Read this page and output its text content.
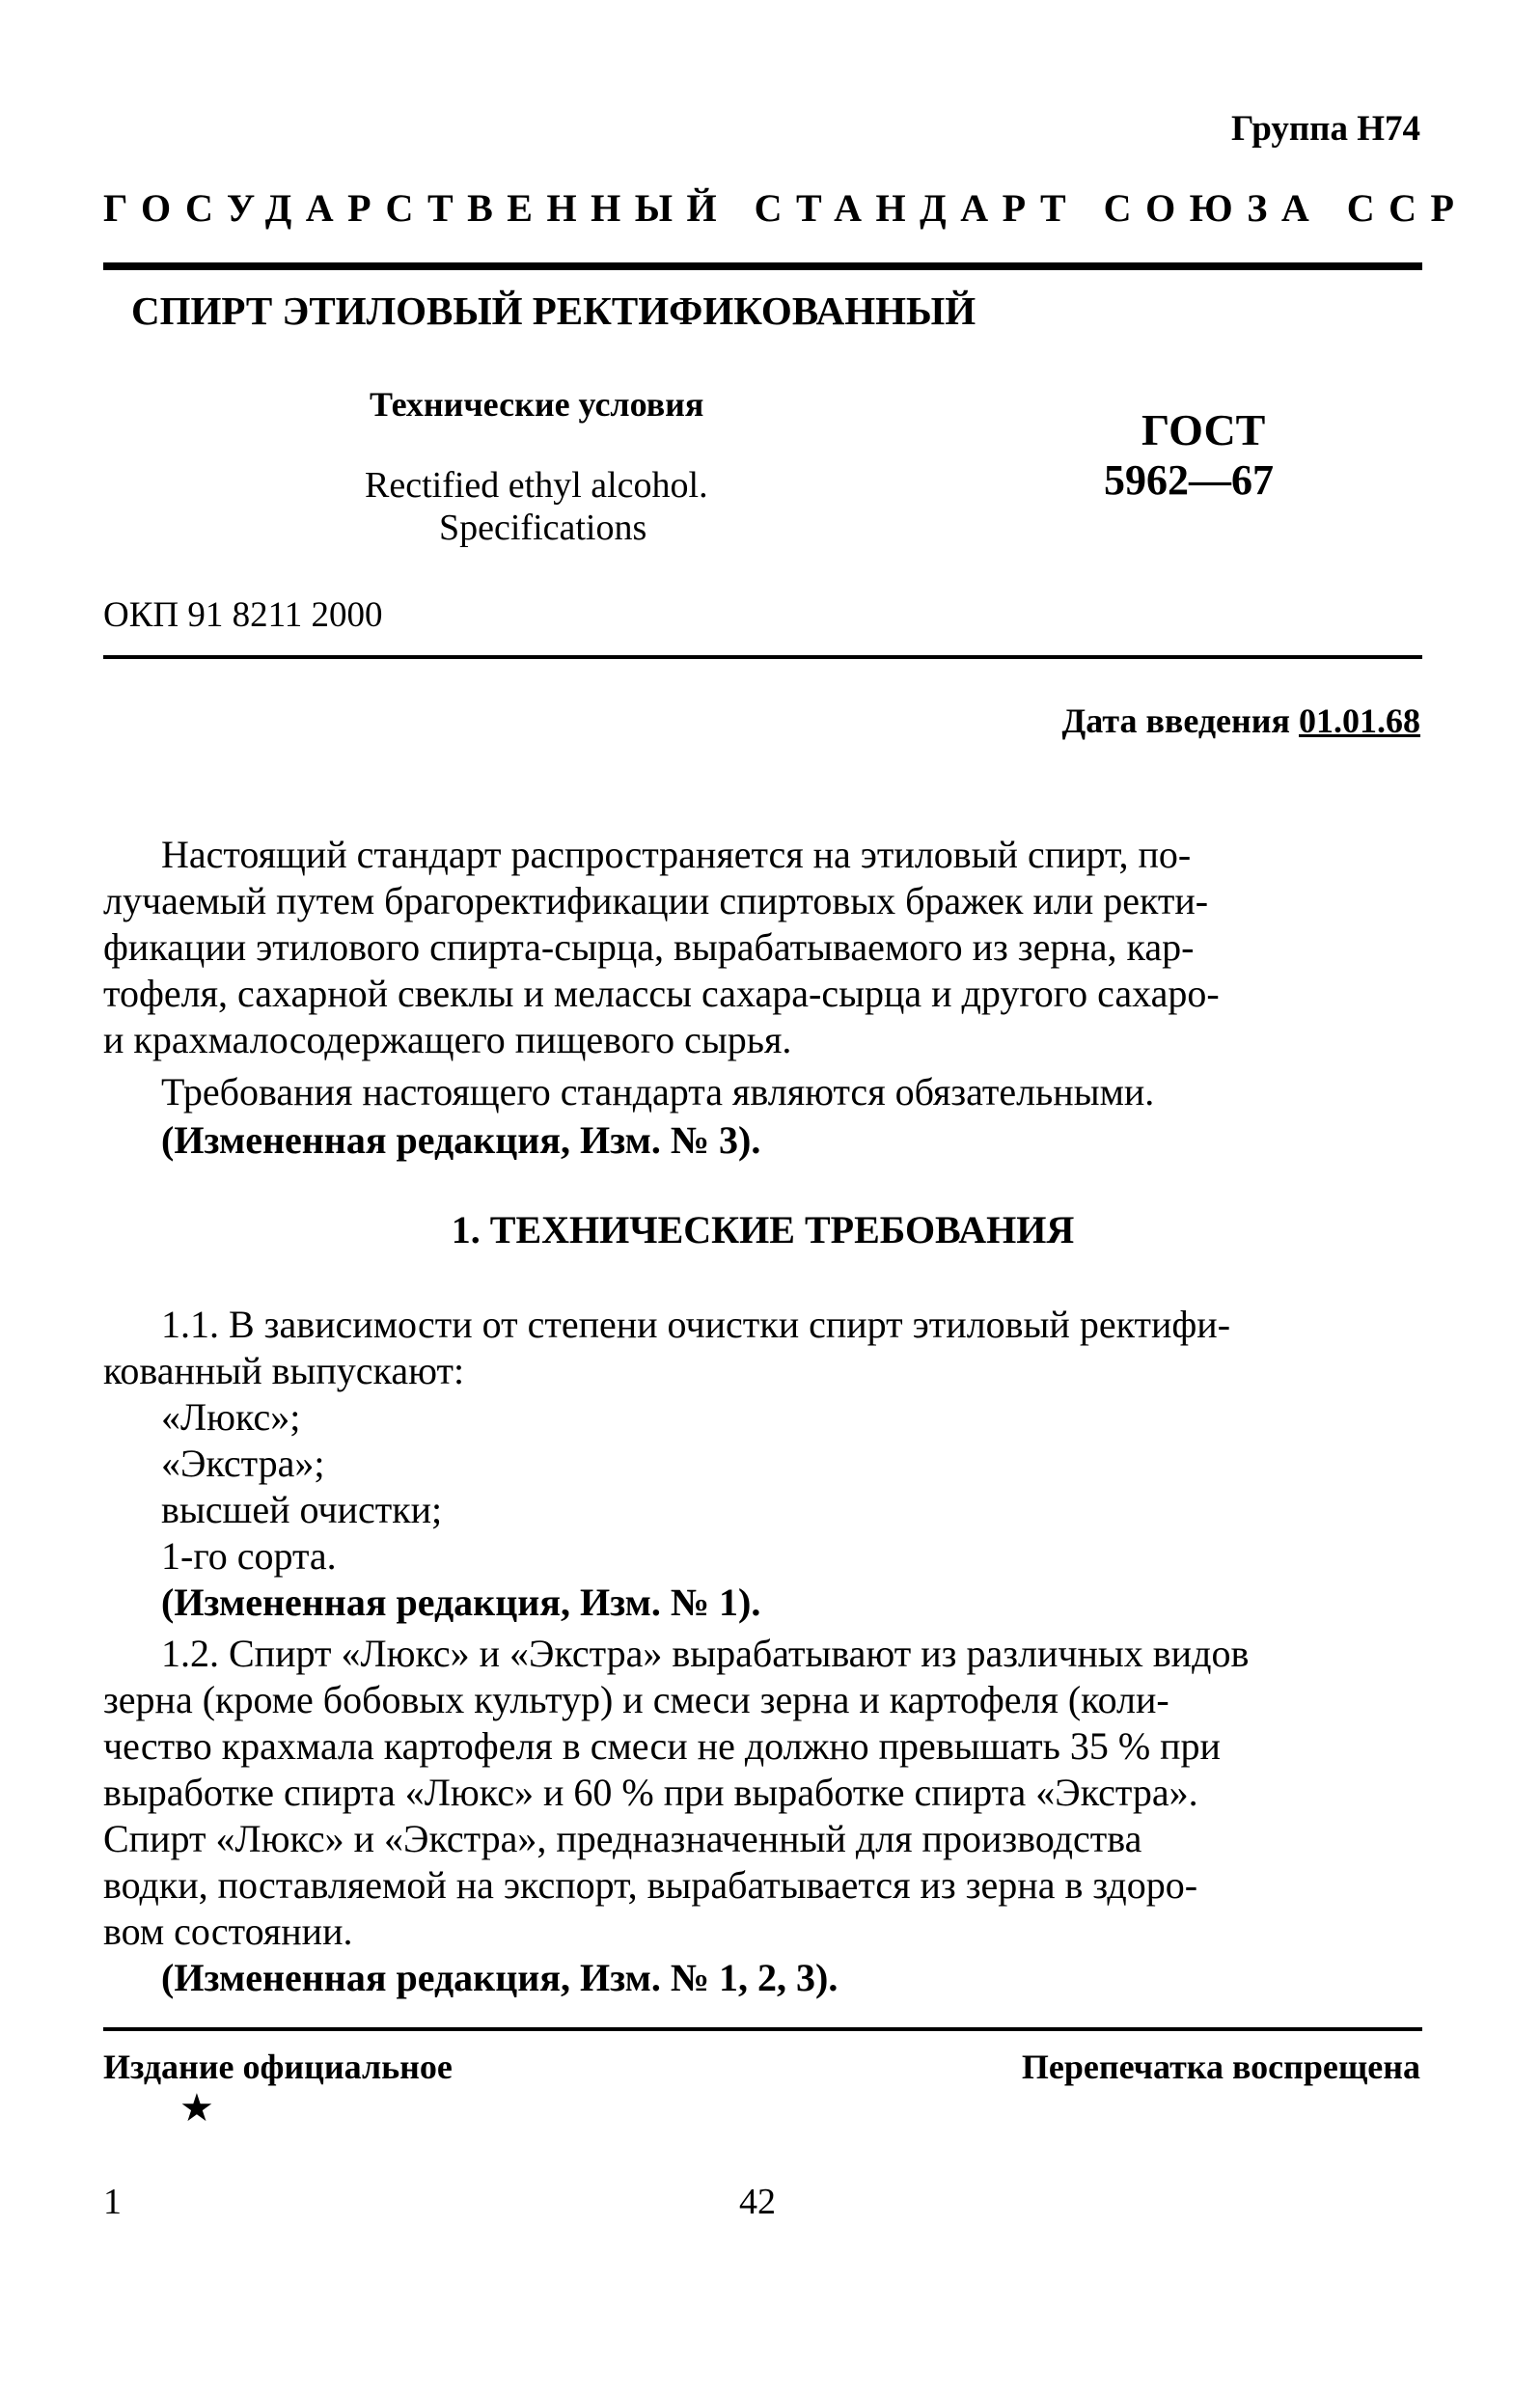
Группа Н74
ГОСУДАРСТВЕННЫЙ СТАНДАРТ СОЮЗА ССР
СПИРТ ЭТИЛОВЫЙ РЕКТИФИКОВАННЫЙ
Технические условия
Rectified ethyl alcohol.
Specifications
ГОСТ
5962—67
ОКП 91 8211 2000
Дата введения 01.01.68
Настоящий стандарт распространяется на этиловый спирт, по-
лучаемый путем брагоректификации спиртовых бражек или ректи-
фикации этилового спирта-сырца, вырабатываемого из зерна, кар-
тофеля, сахарной свеклы и мелассы сахара-сырца и другого сахаро-
и крахмалосодержащего пищевого сырья.
Требования настоящего стандарта являются обязательными.
(Измененная редакция, Изм. № 3).
1. ТЕХНИЧЕСКИЕ ТРЕБОВАНИЯ
1.1. В зависимости от степени очистки спирт этиловый ректифи-
кованный выпускают:
«Люкс»;
«Экстра»;
высшей очистки;
1-го сорта.
(Измененная редакция, Изм. № 1).
1.2. Спирт «Люкс» и «Экстра» вырабатывают из различных видов
зерна (кроме бобовых культур) и смеси зерна и картофеля (коли-
чество крахмала картофеля в смеси не должно превышать 35 % при
выработке спирта «Люкс» и 60 % при выработке спирта «Экстра».
Спирт «Люкс» и «Экстра», предназначенный для производства
водки, поставляемой на экспорт, вырабатывается из зерна в здоро-
вом состоянии.
(Измененная редакция, Изм. № 1, 2, 3).
Издание официальное	Перепечатка воспрещена
★
1	42
